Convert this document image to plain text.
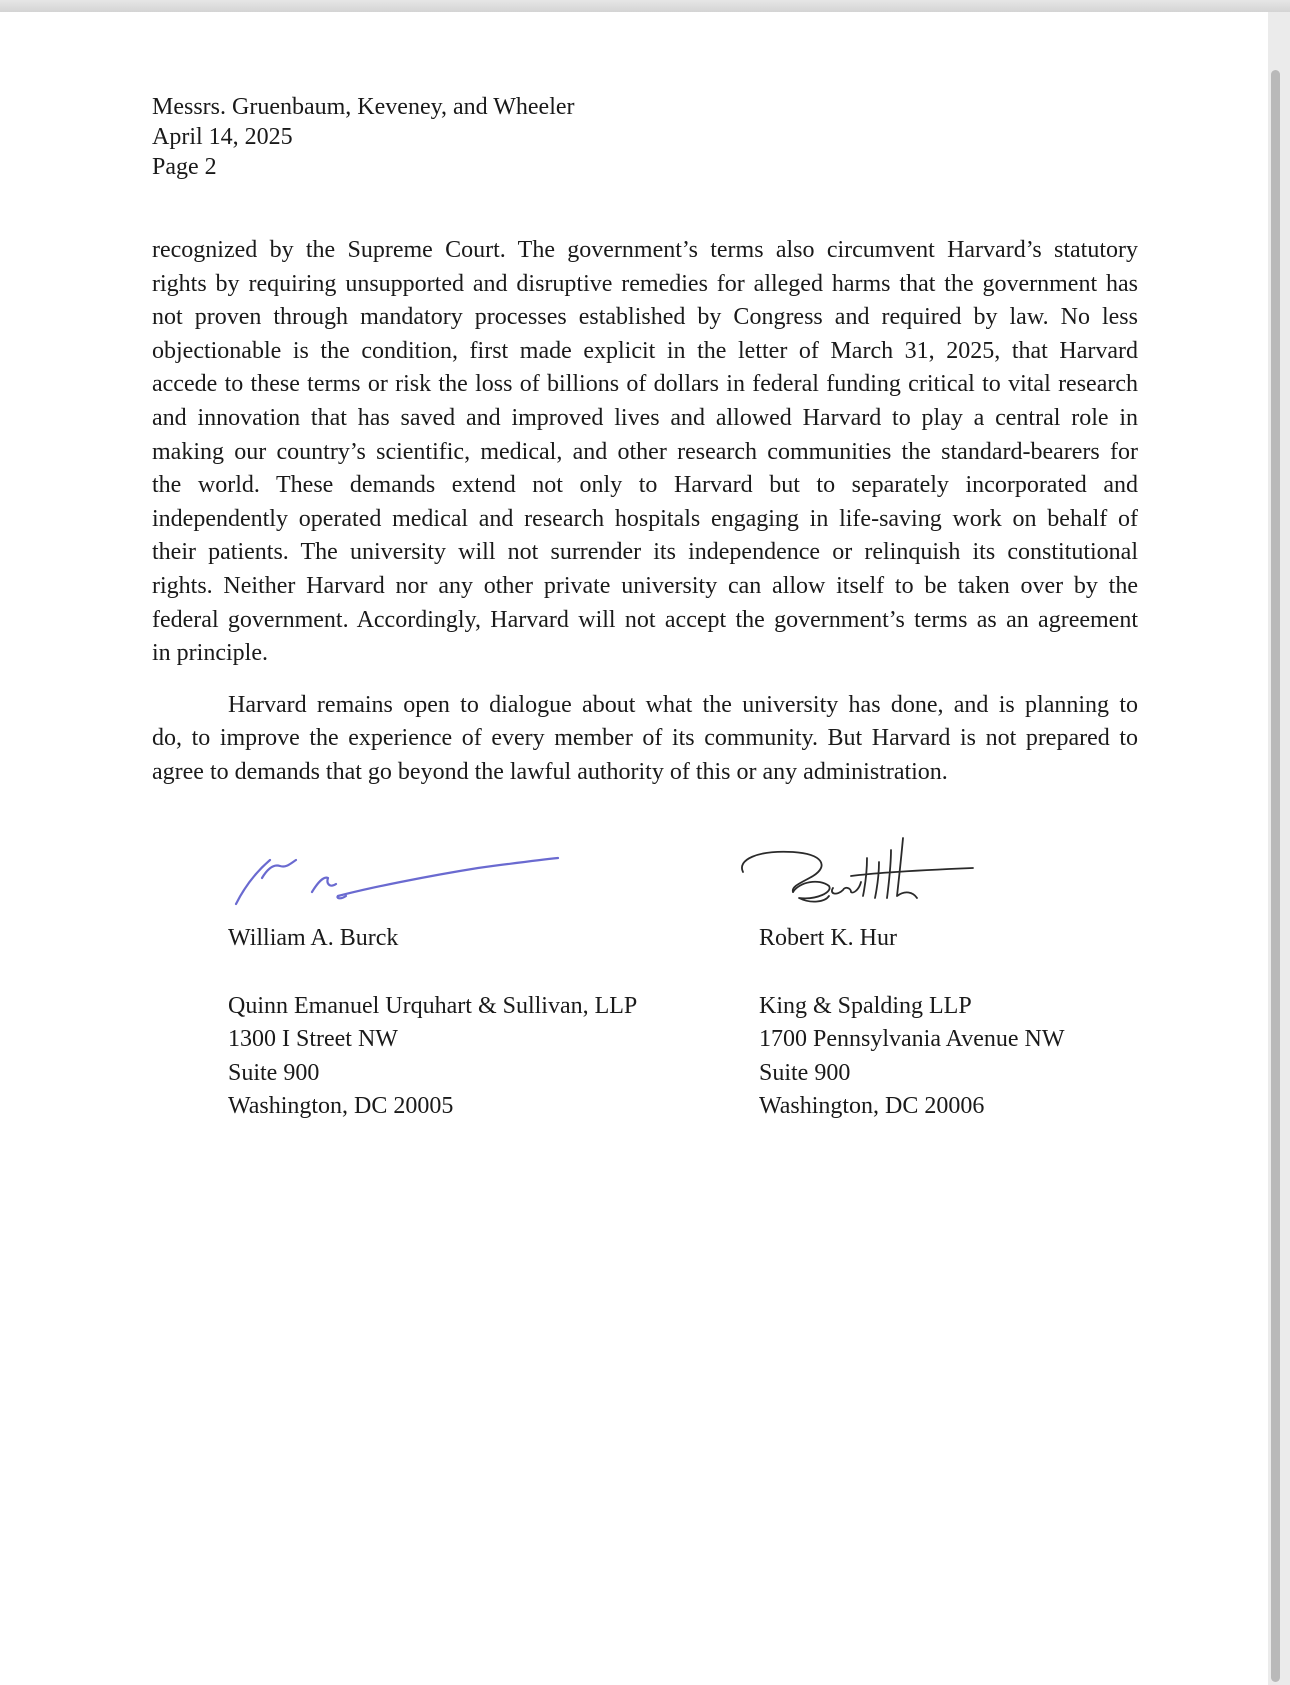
Messrs. Gruenbaum, Keveney, and Wheeler
April 14, 2025
Page 2

recognized by the Supreme Court. The government’s terms also circumvent Harvard’s statutory
rights by requiring unsupported and disruptive remedies for alleged harms that the government has
not proven through mandatory processes established by Congress and required by law. No less
objectionable is the condition, first made explicit in the letter of March 31, 2025, that Harvard
accede to these terms or risk the loss of billions of dollars in federal funding critical to vital research
and innovation that has saved and improved lives and allowed Harvard to play a central role in
making our country’s scientific, medical, and other research communities the standard-bearers for
the world. These demands extend not only to Harvard but to separately incorporated and
independently operated medical and research hospitals engaging in life-saving work on behalf of
their patients. The university will not surrender its independence or relinquish its constitutional
rights. Neither Harvard nor any other private university can allow itself to be taken over by the
federal government. Accordingly, Harvard will not accept the government’s terms as an agreement
in principle.

Harvard remains open to dialogue about what the university has done, and is planning to
do, to improve the experience of every member of its community. But Harvard is not prepared to
agree to demands that go beyond the lawful authority of this or any administration.

William A. Burck
Quinn Emanuel Urquhart & Sullivan, LLP
1300 I Street NW
Suite 900
Washington, DC 20005
Robert K. Hur
King & Spalding LLP
1700 Pennsylvania Avenue NW
Suite 900
Washington, DC 20006
